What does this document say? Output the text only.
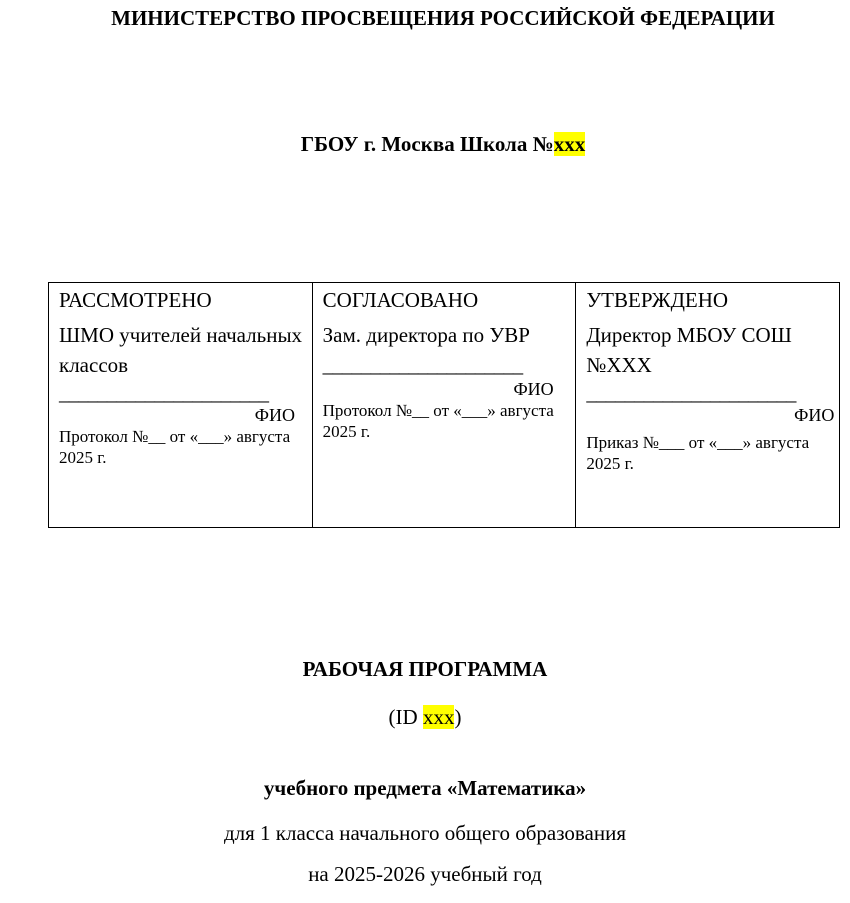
МИНИСТЕРСТВО ПРОСВЕЩЕНИЯ РОССИЙСКОЙ ФЕДЕРАЦИИ
ГБОУ г. Москва Школа №xxx
РАССМОТРЕНО
ШМО учителей начальных классов
______________________
ФИО
Протокол №__ от «___» августа 2025 г.

СОГЛАСОВАНО
Зам. директора по УВР
_____________________
ФИО
Протокол №__ от «___» августа 2025 г.

УТВЕРЖДЕНО
Директор МБОУ СОШ №ХХХ
______________________
ФИО
Приказ №___ от «___» августа 2025 г.
РАБОЧАЯ ПРОГРАММА
(ID xxx)
учебного предмета «Математика»
для 1 класса начального общего образования
на 2025-2026 учебный год
